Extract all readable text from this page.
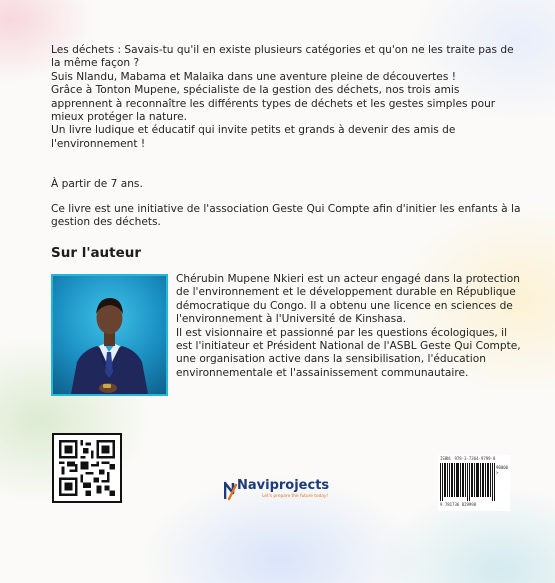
Les déchets : Savais-tu qu'il en existe plusieurs catégories et qu'on ne les traite pas de la même façon ?

Suis Nlandu, Mabama et Malaika dans une aventure pleine de découvertes !

Grâce à Tonton Mupene, spécialiste de la gestion des déchets, nos trois amis apprennent à reconnaître les différents types de déchets et les gestes simples pour mieux protéger la nature.

Un livre ludique et éducatif qui invite petits et grands à devenir des amis de l'environnement !

À partir de 7 ans.

Ce livre est une initiative de l'association Geste Qui Compte afin d'initier les enfants à la gestion des déchets.

Sur l'auteur

Chérubin Mupene Nkieri est un acteur engagé dans la protection de l'environnement et le développement durable en République démocratique du Congo. Il a obtenu une licence en sciences de l'environnement à l'Université de Kinshasa.

Il est visionnaire et passionné par les questions écologiques, il est l'initiateur et Président National de l'ASBL Geste Qui Compte, une organisation active dans la sensibilisation, l'éducation environnementale et l'assainissement communautaire.

Naviprojects
Let's prepare the future today!
ISBN: 978-3-7364-9799-8
90000 >
9 781736 829998
